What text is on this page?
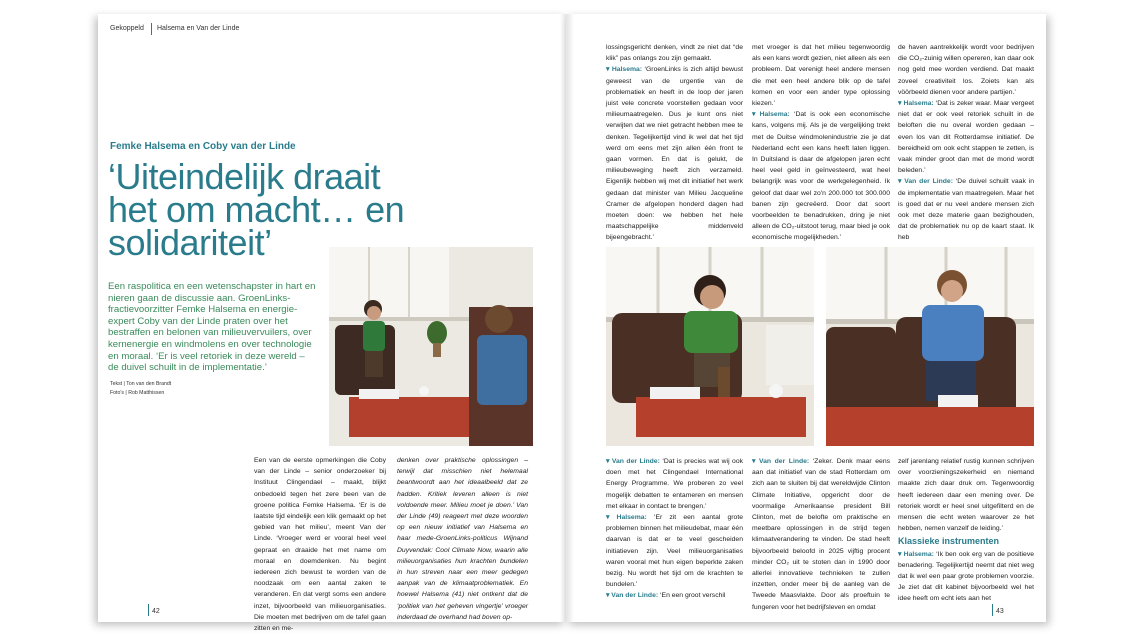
Gekoppeld Halsema en Van der Linde
Femke Halsema en Coby van der Linde
‘Uiteindelijk draait het om macht… en solidariteit’
Een raspolitica en een wetenschapster in hart en nieren gaan de discussie aan. GroenLinks-fractievoorzitter Femke Halsema en energie-expert Coby van der Linde praten over het bestraffen en belonen van milieuvervuilers, over kernenergie en windmolens en over technologie en moraal. ‘Er is veel retoriek in deze wereld – de duivel schuilt in de implementatie.’
Tekst | Ton van den Brandt
Foto's | Rob Matthissen
Een van de eerste opmerkingen die Coby van der Linde – senior onderzoeker bij Instituut Clingendael – maakt, blijkt onbedoeld tegen het zere been van de groene politica Femke Halsema. ‘Er is de laatste tijd eindelijk een klik gemaakt op het gebied van het milieu’, meent Van der Linde. ‘Vroeger werd er vooral heel veel gepraat en draaide het met name om moraal en doemdenken. Nu begint iedereen zich bewust te worden van de noodzaak om een aantal zaken te veranderen. En dat vergt soms een andere inzet, bijvoorbeeld van milieuorganisaties. Die moeten met bedrijven om de tafel gaan zitten en me-
denken over praktische oplossingen – terwijl dat misschien niet helemaal beantwoordt aan het ideaalbeeld dat ze hadden. Kritiek leveren alleen is niet voldoende meer. Milieu moet je doen.’ Van der Linde (49) reageert met deze woorden op een nieuw initiatief van Halsema en haar mede-GroenLinks-politicus Wijnand Duyvendak: Cool Climate Now, waarin alle milieuorganisaties hun krachten bundelen in hun streven naar een meer gedegen aanpak van de klimaatproblematiek. En hoewel Halsema (41) niet ontkent dat de ‘politiek van het geheven vingertje’ vroeger inderdaad de overhand had boven op-

lossingsgericht denken, vindt ze niet dat “de klik” pas onlangs zou zijn gemaakt.

▾ Halsema: ‘GroenLinks is zich altijd bewust geweest van de urgentie van de problematiek en heeft in de loop der jaren juist vele concrete voorstellen gedaan voor milieumaatregelen. Dus je kunt ons niet verwijten dat we niet getracht hebben mee te denken. Tegelijkertijd vind ik wel dat het tijd werd om eens met zijn allen één front te gaan vormen. En dat is gelukt, de milieubeweging heeft zich verzameld. Eigenlijk hebben wij met dit initiatief het werk gedaan dat minister van Milieu Jacqueline Cramer de afgelopen honderd dagen had moeten doen: we hebben het hele maatschappelijke middenveld bijeengebracht.’

met vroeger is dat het milieu tegenwoordig als een kans wordt gezien, niet alleen als een probleem. Dat verenigt heel andere mensen die met een heel andere blik op de tafel komen en voor een ander type oplossing kiezen.’

▾ Halsema: ‘Dat is ook een economische kans, volgens mij. Als je de vergelijking trekt met de Duitse windmolenindustrie zie je dat Nederland echt een kans heeft laten liggen. In Duitsland is daar de afgelopen jaren echt heel veel geld in geïnvesteerd, wat heel belangrijk was voor de werkgelegenheid. Ik geloof dat daar wel zo'n 200.000 tot 300.000 banen zijn gecreëerd. Door dat soort voorbeelden te benadrukken, dring je niet alleen de CO₂-uitstoot terug, maar bied je ook economische mogelijkheden.’

de haven aantrekkelijk wordt voor bedrijven die CO₂-zuinig willen opereren, kan daar ook nog geld mee worden verdiend. Dat maakt zoveel creativiteit los. Zoiets kan als vöörbeeld dienen voor andere partijen.’

▾ Halsema: ‘Dat is zeker waar. Maar vergeet niet dat er ook veel retoriek schuilt in de beloften die nu overal worden gedaan – even los van dit Rotterdamse initiatief. De bereidheid om ook echt stappen te zetten, is vaak minder groot dan met de mond wordt beleden.’

▾ Van der Linde: ‘De duivel schuilt vaak in de implementatie van maatregelen. Maar het is goed dat er nu veel andere mensen zich ook met deze materie gaan bezighouden, dat de problematiek nu op de kaart staat. Ik heb

▾ Van der Linde: ‘Dat is precies wat wij ook doen met het Clingendael International Energy Programme. We proberen zo veel mogelijk debatten te entameren en mensen met elkaar in contact te brengen.’

▾ Halsema: ‘Er zit een aantal grote problemen binnen het milieudebat, maar één daarvan is dat er te veel gescheiden initiatieven zijn. Veel milieuorganisaties waren vooral met hun eigen beperkte zaken bezig. Nu wordt het tijd om de krachten te bundelen.’

▾ Van der Linde: ‘En een groot verschil

▾ Van der Linde: ‘Zeker. Denk maar eens aan dat initiatief van de stad Rotterdam om zich aan te sluiten bij dat wereldwijde Clinton Climate Initiative, opgericht door de voormalige Amerikaanse president Bill Clinton, met de belofte om praktische en meetbare oplossingen in de strijd tegen klimaatverandering te vinden. De stad heeft bijvoorbeeld beloofd in 2025 vijftig procent minder CO₂ uit te stoten dan in 1990 door allerlei innovatieve technieken te zullen inzetten, onder meer bij de aanleg van de Tweede Maasvlakte. Door als proeftuin te fungeren voor het bedrijfsleven en omdat

zelf jarenlang relatief rustig kunnen schrijven over voorzieningszekerheid en niemand maakte zich daar druk om. Tegenwoordig heeft iedereen daar een mening over. De retoriek wordt er heel snel uitgefilterd en de mensen die echt weten waarover ze het hebben, nemen vanzelf de leiding.’

Klassieke instrumenten

▾ Halsema: ‘Ik ben ook erg van de positieve benadering. Tegelijkertijd neemt dat niet weg dat ik wel een paar grote problemen voorzie. Je ziet dat dit kabinet bijvoorbeeld wel het idee heeft om echt iets aan het

42	43
